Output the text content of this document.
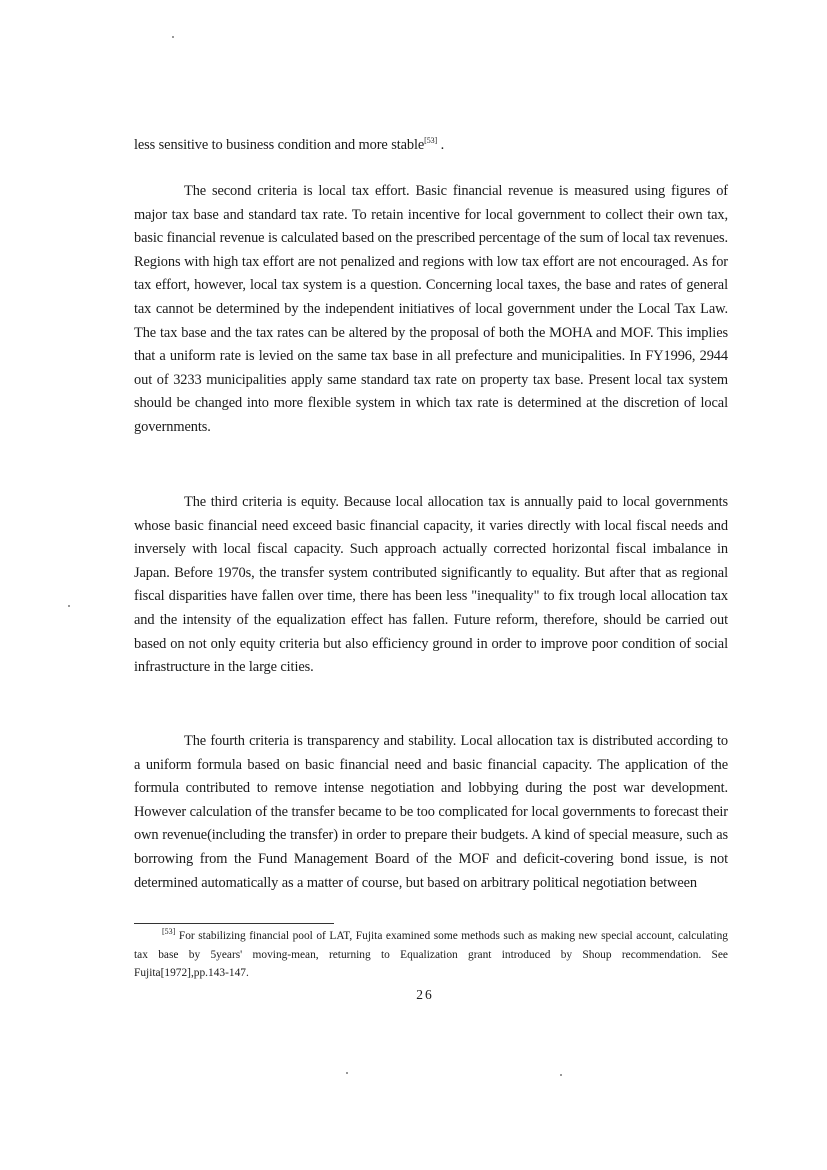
less sensitive to business condition and more stable[53] .

The second criteria is local tax effort. Basic financial revenue is measured using figures of major tax base and standard tax rate. To retain incentive for local government to collect their own tax, basic financial revenue is calculated based on the prescribed percentage of the sum of local tax revenues. Regions with high tax effort are not penalized and regions with low tax effort are not encouraged. As for tax effort, however, local tax system is a question. Concerning local taxes, the base and rates of general tax cannot be determined by the independent initiatives of local government under the Local Tax Law. The tax base and the tax rates can be altered by the proposal of both the MOHA and MOF. This implies that a uniform rate is levied on the same tax base in all prefecture and municipalities. In FY1996, 2944 out of 3233 municipalities apply same standard tax rate on property tax base. Present local tax system should be changed into more flexible system in which tax rate is determined at the discretion of local governments.

The third criteria is equity. Because local allocation tax is annually paid to local governments whose basic financial need exceed basic financial capacity, it varies directly with local fiscal needs and inversely with local fiscal capacity. Such approach actually corrected horizontal fiscal imbalance in Japan. Before 1970s, the transfer system contributed significantly to equality. But after that as regional fiscal disparities have fallen over time, there has been less "inequality" to fix trough local allocation tax and the intensity of the equalization effect has fallen. Future reform, therefore, should be carried out based on not only equity criteria but also efficiency ground in order to improve poor condition of social infrastructure in the large cities.

The fourth criteria is transparency and stability. Local allocation tax is distributed according to a uniform formula based on basic financial need and basic financial capacity. The application of the formula contributed to remove intense negotiation and lobbying during the post war development. However calculation of the transfer became to be too complicated for local governments to forecast their own revenue(including the transfer) in order to prepare their budgets. A kind of special measure, such as borrowing from the Fund Management Board of the MOF and deficit-covering bond issue, is not determined automatically as a matter of course, but based on arbitrary political negotiation between

[53] For stabilizing financial pool of LAT, Fujita examined some methods such as making new special account, calculating tax base by 5years' moving-mean, returning to Equalization grant introduced by Shoup recommendation. See Fujita[1972],pp.143-147.
26
